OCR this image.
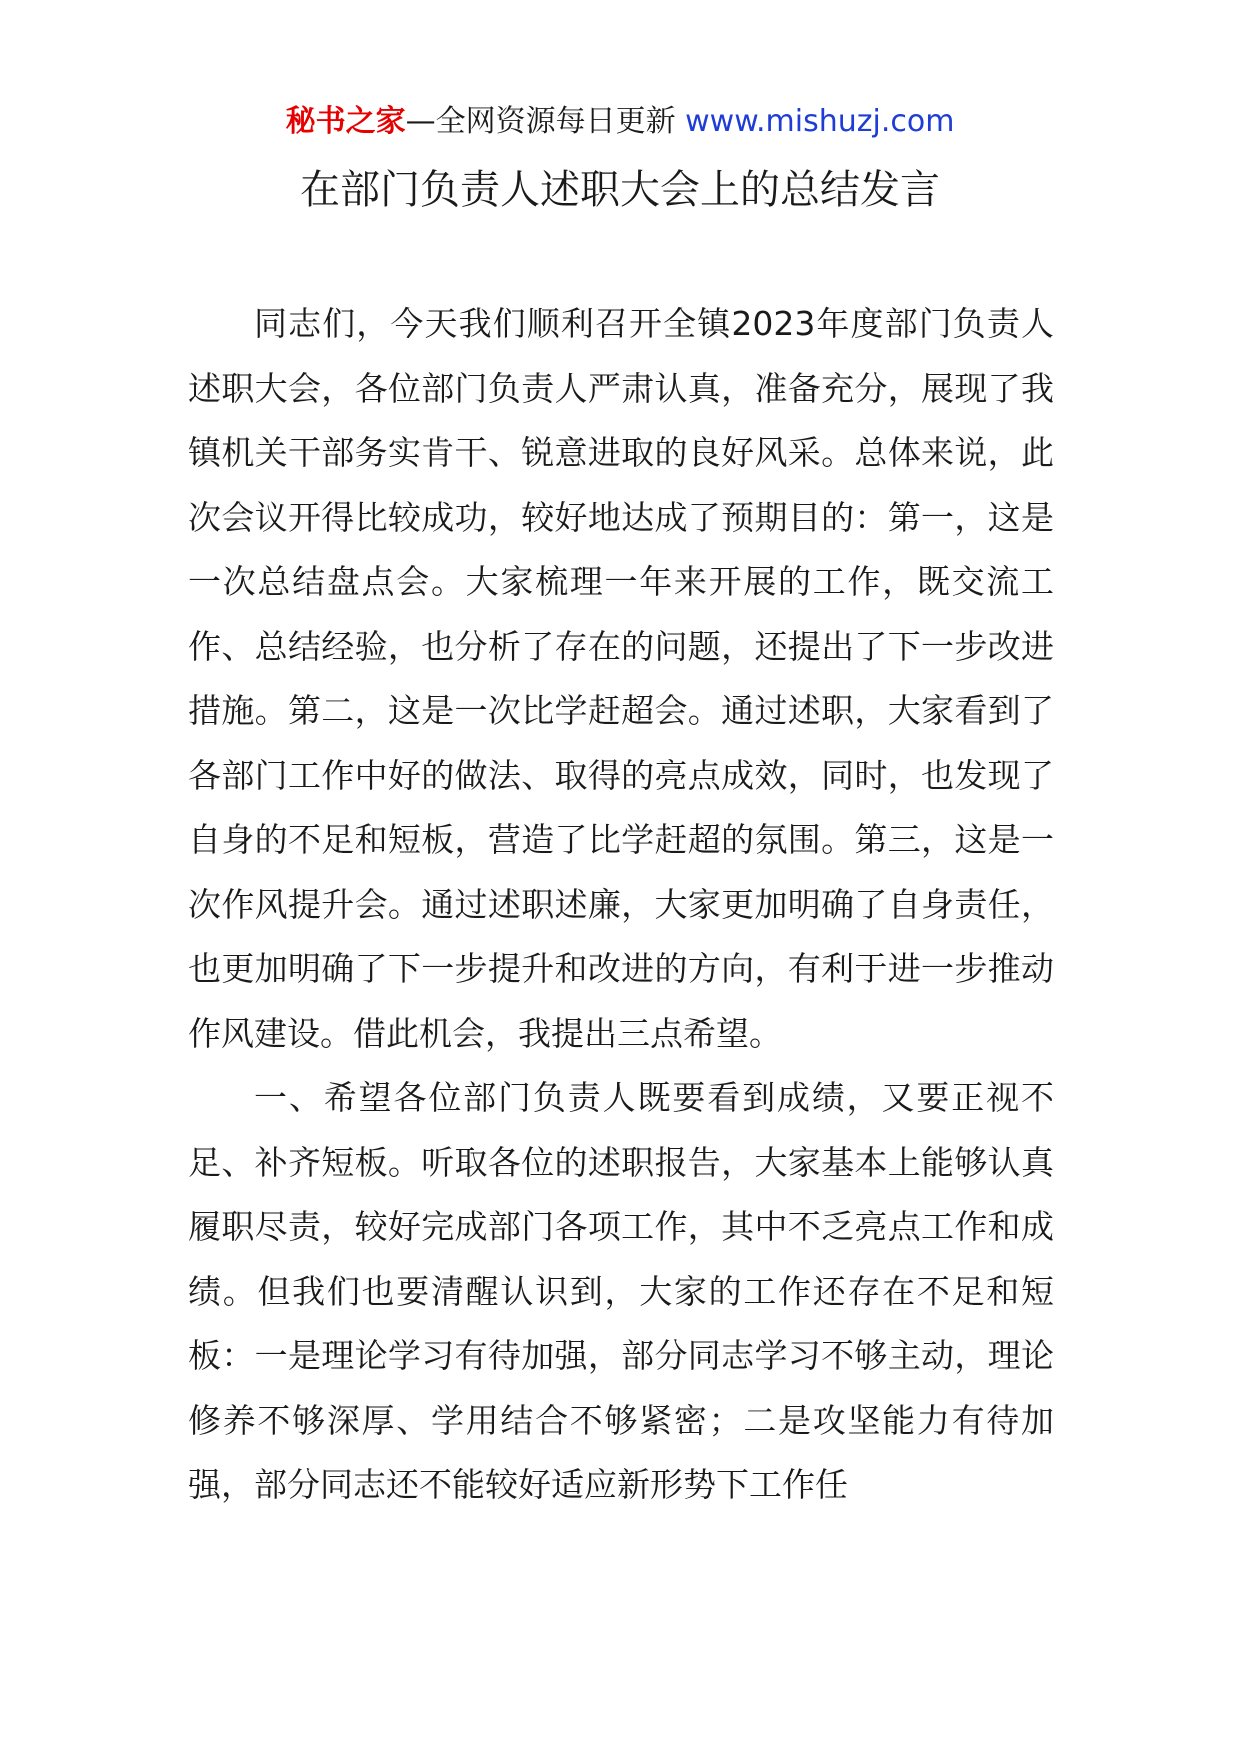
秘书之家—全网资源每日更新 www.mishuzj.com
在部门负责人述职大会上的总结发言

同志们，今天我们顺利召开全镇2023年度部门负责人述职大会，各位部门负责人严肃认真，准备充分，展现了我镇机关干部务实肯干、锐意进取的良好风采。总体来说，此次会议开得比较成功，较好地达成了预期目的：第一，这是一次总结盘点会。大家梳理一年来开展的工作，既交流工作、总结经验，也分析了存在的问题，还提出了下一步改进措施。第二，这是一次比学赶超会。通过述职，大家看到了各部门工作中好的做法、取得的亮点成效，同时，也发现了自身的不足和短板，营造了比学赶超的氛围。第三，这是一次作风提升会。通过述职述廉，大家更加明确了自身责任，也更加明确了下一步提升和改进的方向，有利于进一步推动作风建设。借此机会，我提出三点希望。

一、希望各位部门负责人既要看到成绩，又要正视不足、补齐短板。听取各位的述职报告，大家基本上能够认真履职尽责，较好完成部门各项工作，其中不乏亮点工作和成绩。但我们也要清醒认识到，大家的工作还存在不足和短板：一是理论学习有待加强，部分同志学习不够主动，理论修养不够深厚、学用结合不够紧密；二是攻坚能力有待加强，部分同志还不能较好适应新形势下工作任
